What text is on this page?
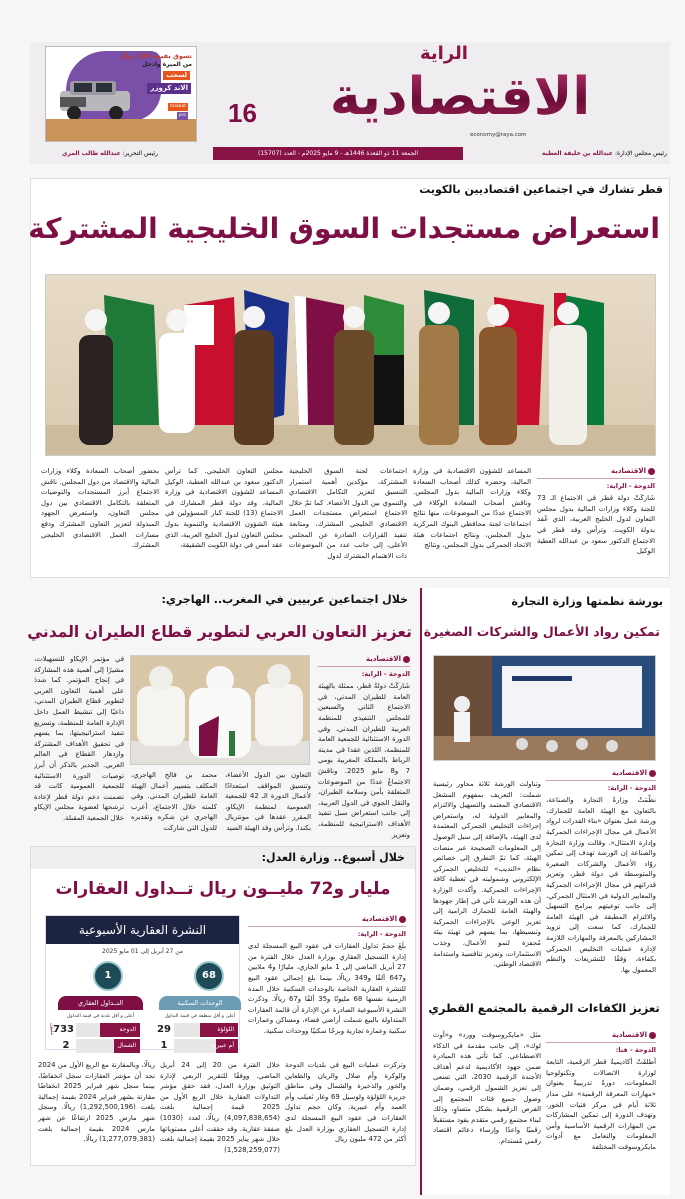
تسوق بقيمة 100 ريال
من الميرة وادخل
لسحب
الاند كروزر
talabat
pro 16	الاقتصادية
الراية
economy@raya.com
رئيس مجلس الإدارة: عبدالله بن خليفة العطية
الجمعة 11 ذو القعدة 1446هـ - 9 مايو 2025م - العدد (15707)
رئيس التحرير: عبدالله طالب المري
قطر تشارك في اجتماعين اقتصاديين بالكويت
استعراض مستجدات السوق الخليجية المشتركة
الاقتصادية
الدوحة - الراية:
شَاركَتْ دولة قطر في الاجتماع الـ 73 للجنة وكلاء وزارات المالية بدول مجلس التعاون لدول الخليج العربية، الذي عُقد بدولة الكويت. وترأس وفد قطر في الاجتماع الدكتور سعود بن عبدالله العطية الوكيل
المساعد للشؤون الاقتصادية في وزارة المالية، وحضره كذلك أصحاب السعادة وكلاء وزارات المالية بدول المجلس. وناقش أصحاب السعادة الوكلاء في الاجتماع عددًا من الموضوعات، منها نتائج اجتماعات لجنة محافظي البنوك المركزية بدول المجلس، ونتائج اجتماعات هيئة الاتحاد الجمركي بدول المجلس، ونتائج
اجتماعات لجنة السوق الخليجية المشتركة، مؤكدين أهمية استمرار التنسيق لتعزيز التكامل الاقتصادي والتنموي بين الدول الأعضاء. كما تمّ خلال الاجتماع استعراض مستجدات العمل الاقتصادي الخليجي المشترك، ومتابعة تنفيذ القرارات الصادرة عن المجلس الأعلى، إلى جانب عدد من الموضوعات ذات الاهتمام المشترك لدول
مجلس التعاون الخليجي. كما ترأس الدكتور سعود بن عبدالله العطية، الوكيل المساعد للشؤون الاقتصادية في وزارة المالية، وفد دولة قطر المشارك في الاجتماع (13) للجنة كبار المسؤولين في هيئة الشؤون الاقتصادية والتنموية بدول مجلس التعاون لدول الخليج العربية، الذي عقد أمس في دولة الكويت الشقيقة،
بحضور أصحاب السعادة وكلاء وزارات المالية والاقتصاد من دول المجلس. ناقش الاجتماع أبرز المستجدات والتوصيات المتعلقة بالتكامل الاقتصادي بين دول مجلس التعاون، واستعرض الجهود المبذولة لتعزيز التعاون المشترك ودفع مسارات العمل الاقتصادي الخليجي المشترك.
خلال اجتماعين عربيين في المغرب.. الهاجري:
تعزيز التعاون العربي لتطوير قطاع الطيران المدني
الاقتصادية
الدوحة - الراية:
شَاركَتْ دولةُ قطر، ممثلة بالهيئة العامة للطيران المدني، في الاجتماع الثاني والسبعين للمجلس التنفيذي للمنظمة العربية للطيران المدني، وفي الدورة الاستثنائية للجمعية العامة للمنظمة، اللذين عقدا في مدينة الرباط بالمملكة المغربية يومي 7 و8 مايو 2025. وناقشَ الاجتماعُ عددًا من الموضوعات المتعلقة بأمن وسلامة الطيران، والنقل الجوي في الدول العربية، إلى جانب استعراض سبل تنفيذ الأهداف الاستراتيجية للمنظمة، وتعزيز
التعاون بين الدول الأعضاء، وتنسيق المواقف استعدادًا لأعمال الدورة الـ 42 للجمعية العمومية لمنظمة الإيكاو، المقرر عقدها في مونتريال بكندا. وترأس وفد الهيئة السيد
محمد بن فالح الهاجري، المكلف بتسيير أعمال الهيئة العامة للطيران المدني. وفي كلمته خلال الاجتماع، أعرب الهاجري عن شكره وتقديره للدول التي شاركت
في مؤتمر الإيكاو للتسهيلات، مشيرًا إلى أهمية هذه المشاركة في إنجاح المؤتمر. كما شددَ على أهمية التعاون العربي لتطوير قطاع الطيران المدني، داعيًا إلى تنشيط العمل داخل الإدارة العامة للمنظمة، وتسريع تنفيذ استراتيجيتها، بما يسهم في تحقيق الأهداف المشتركة وازدهار القطاع في العالم العربي. الجدير بالذكر أن أبرز توصيات الدورة الاستثنائية للجمعية العمومية كانت قد تضمنت دعم دولة قطر لإعادة ترشحها لعضوية مجلس الإيكاو خلال الجمعية المقبلة.
بورشة نظمتها وزارة التجارة
تمكين رواد الأعمال والشركات الصغيرة
الاقتصادية
الدوحة - الراية:
نظّمَتْ وزارةُ التجارة والصناعة، بالتعاون مع الهيئة العامة للجمارك، ورشة عمل بعنوان «بناء القدرات لرواد الأعمال في مجال الإجراءات الجمركية وإدارة الامتثال». وقالت وزارة التجارة والصناعة إن الورشة تهدف إلى تمكين روّاد الأعمال والشركات الصغيرة والمتوسطة في دولة قطر، وتعزيز قدراتهم في مجال الإجراءات الجمركية والمعايير الدولية في الامتثال الجمركي، إلى جانب توعيتهم ببرامج التسهيل والالتزام المطبقة في الهيئة العامة للجمارك، كما سعت إلى تزويد المشاركين بالمعرفة والمهارات اللازمة لإدارة عمليات التخليص الجمركي بكفاءة، وَفقًا للتشريعات والنظم المعمول بها.
وتناولت الورشة ثلاثة محاور رئيسية شملت: التعريف بمفهوم المشغل الاقتصادي المعتمد والتسهيل والالتزام والمعايير الدولية له، واستعراض إجراءات التخليص الجمركي المعتمدة لدى الهيئة، بالإضافة إلى سبل الوصول إلى المعلومات الصحيحة عبر منصات الهيئة، كما تمّ التطرق إلى خصائص نظام «النديب» للتخليص الجمركي الإلكتروني وشموليته في تغطية كافة الإجراءات الجمركية. وأكدت الوزارة أن هذه الورشة تأتي في إطار جهودها والهيئة العامة للجمارك الرامية إلى تعزيز الوعي بالإجراءات الجمركية وتبسيطها، بما يسهم في تهيئة بيئة مُحفزة لنمو الأعمال، وجذب الاستثمارات، وتعزيز تنافسية واستدامة الاقتصاد الوطني.
تعزيز الكفاءات الرقمية بالمجتمع القطري
الاقتصادية
الدوحة - قنا:
أطلقَتْ أكاديميةُ قطر الرقمية، التابعة لوزارة الاتصالات وتكنولوجيا المعلومات، دورةً تدريبيةً بعنوان «مهارات المعرفة الرقمية» على مدار ثلاثة أيام في مركز فتيات الخور. وتهدف الدورة إلى تمكين المشاركات من المهارات الرقمية الأساسية وأمن المعلومات والتعامل مع أدوات مايكروسوفت المختلفة
مثل «مايكروسوفت وورد» و«أوت لوك»، إلى جانب مقدمة في الذكاء الاصطناعي. كما تأتي هذه المبادرة ضمن جهود الأكاديمية لدعم أهداف الأجندة الرقمية 2030، التي تسعى إلى تعزيز الشمول الرقمي، وضمان وصول جميع فئات المجتمع إلى الفرص الرقمية بشكل متساوٍ، وذلك لبناء مجتمع رقمي متقدم يقود مستقبلاً رقميًا واعدًا وإرساء دعائم اقتصاد رقمي مُستدام.
خلال أسبوع.. وزارة العدل:
مليار و72 مليــون ريال تــداول العقارات
النشرة العقارية الأسبوعية
من 27 أبريل إلى 01 مايو 2025
68
1
الوحدات السكنية
التــداول العقاري
أعلى و أقل منطقة في قيمة التداول
أعلى و أقل بلدية في قيمة التداول
اللؤلؤة
29
أم عبيرية
1
الدوحة
733
الشمال
2
مليون
الاقتصادية
الدوحة - الراية:
بلَغَ حجمُ تداول العقارات في عقود البيع المسجلة لدى إدارة التسجيل العقاري بوزارة العدل خلال الفترة من 27 أبريل الماضي إلى 1 مايو الجاري، مليارًا و4 ملايين و647 ألفًا و349 ريالًا، بينما بلغ إجمالي عقود البيع للنشرة العقارية الخاصة بالوحدات السكنية خلال المدة الزمنية نفسها 68 مليونًا و35 ألفًا و67 ريالًا. وذكرت النشرة الأسبوعية الصادرة عن الإدارة أن قائمة العقارات المتداولة بالبيع شملت أراضي فضاء، ومساكن وعمارات سكنية وعمارة تجارية وبرجًا سكنيًا ووحدات سكنية.
وتركزت عمليات البيع في بلديات الدوحة والوكرة وأم صلال والريان والظعاين والخور والذخيرة والشمال وفي مناطق جزيرة اللؤلؤة ولوسيل 69 وغار ثعيلب وأم العمد وأم عبيرية. وكان حجم تداول العقارات في عقود البيع المسجلة لدى إدارة التسجيل العقاري بوزارة العدل بلغ أكثر من 472 مليون ريال
خلال الفترة من 20 إلى 24 أبريل الماضي. ووفقًا للتقرير الربعي لإدارة التوثيق بوزارة العدل، فقد حقق مؤشر التداولات العقارية خلال الربع الأول من 2025 قيمة إجمالية بلغت (4,097,838,654) ريالًا، لعدد (1030) صفقة عقارية. وقد حققت أعلى مستوياتها خلال شهر يناير 2025 بقيمة إجمالية بلغت (1,528,259,077)
ريالًا، وبالمقارنة مع الربع الأول من 2024 نجد أن مؤشر العقارات سجل انخفاضًا، بينما سجل شهر فبراير 2025 انخفاضًا مقارنة بشهر فبراير 2024 بقيمة إجمالية بلغت (1,292,500,196) ريالًا. وسجل شهر مارس 2025 ارتفاعًا عن شهر مارس 2024 بقيمة إجمالية بلغت (1,277,079,381) ريالًا.
